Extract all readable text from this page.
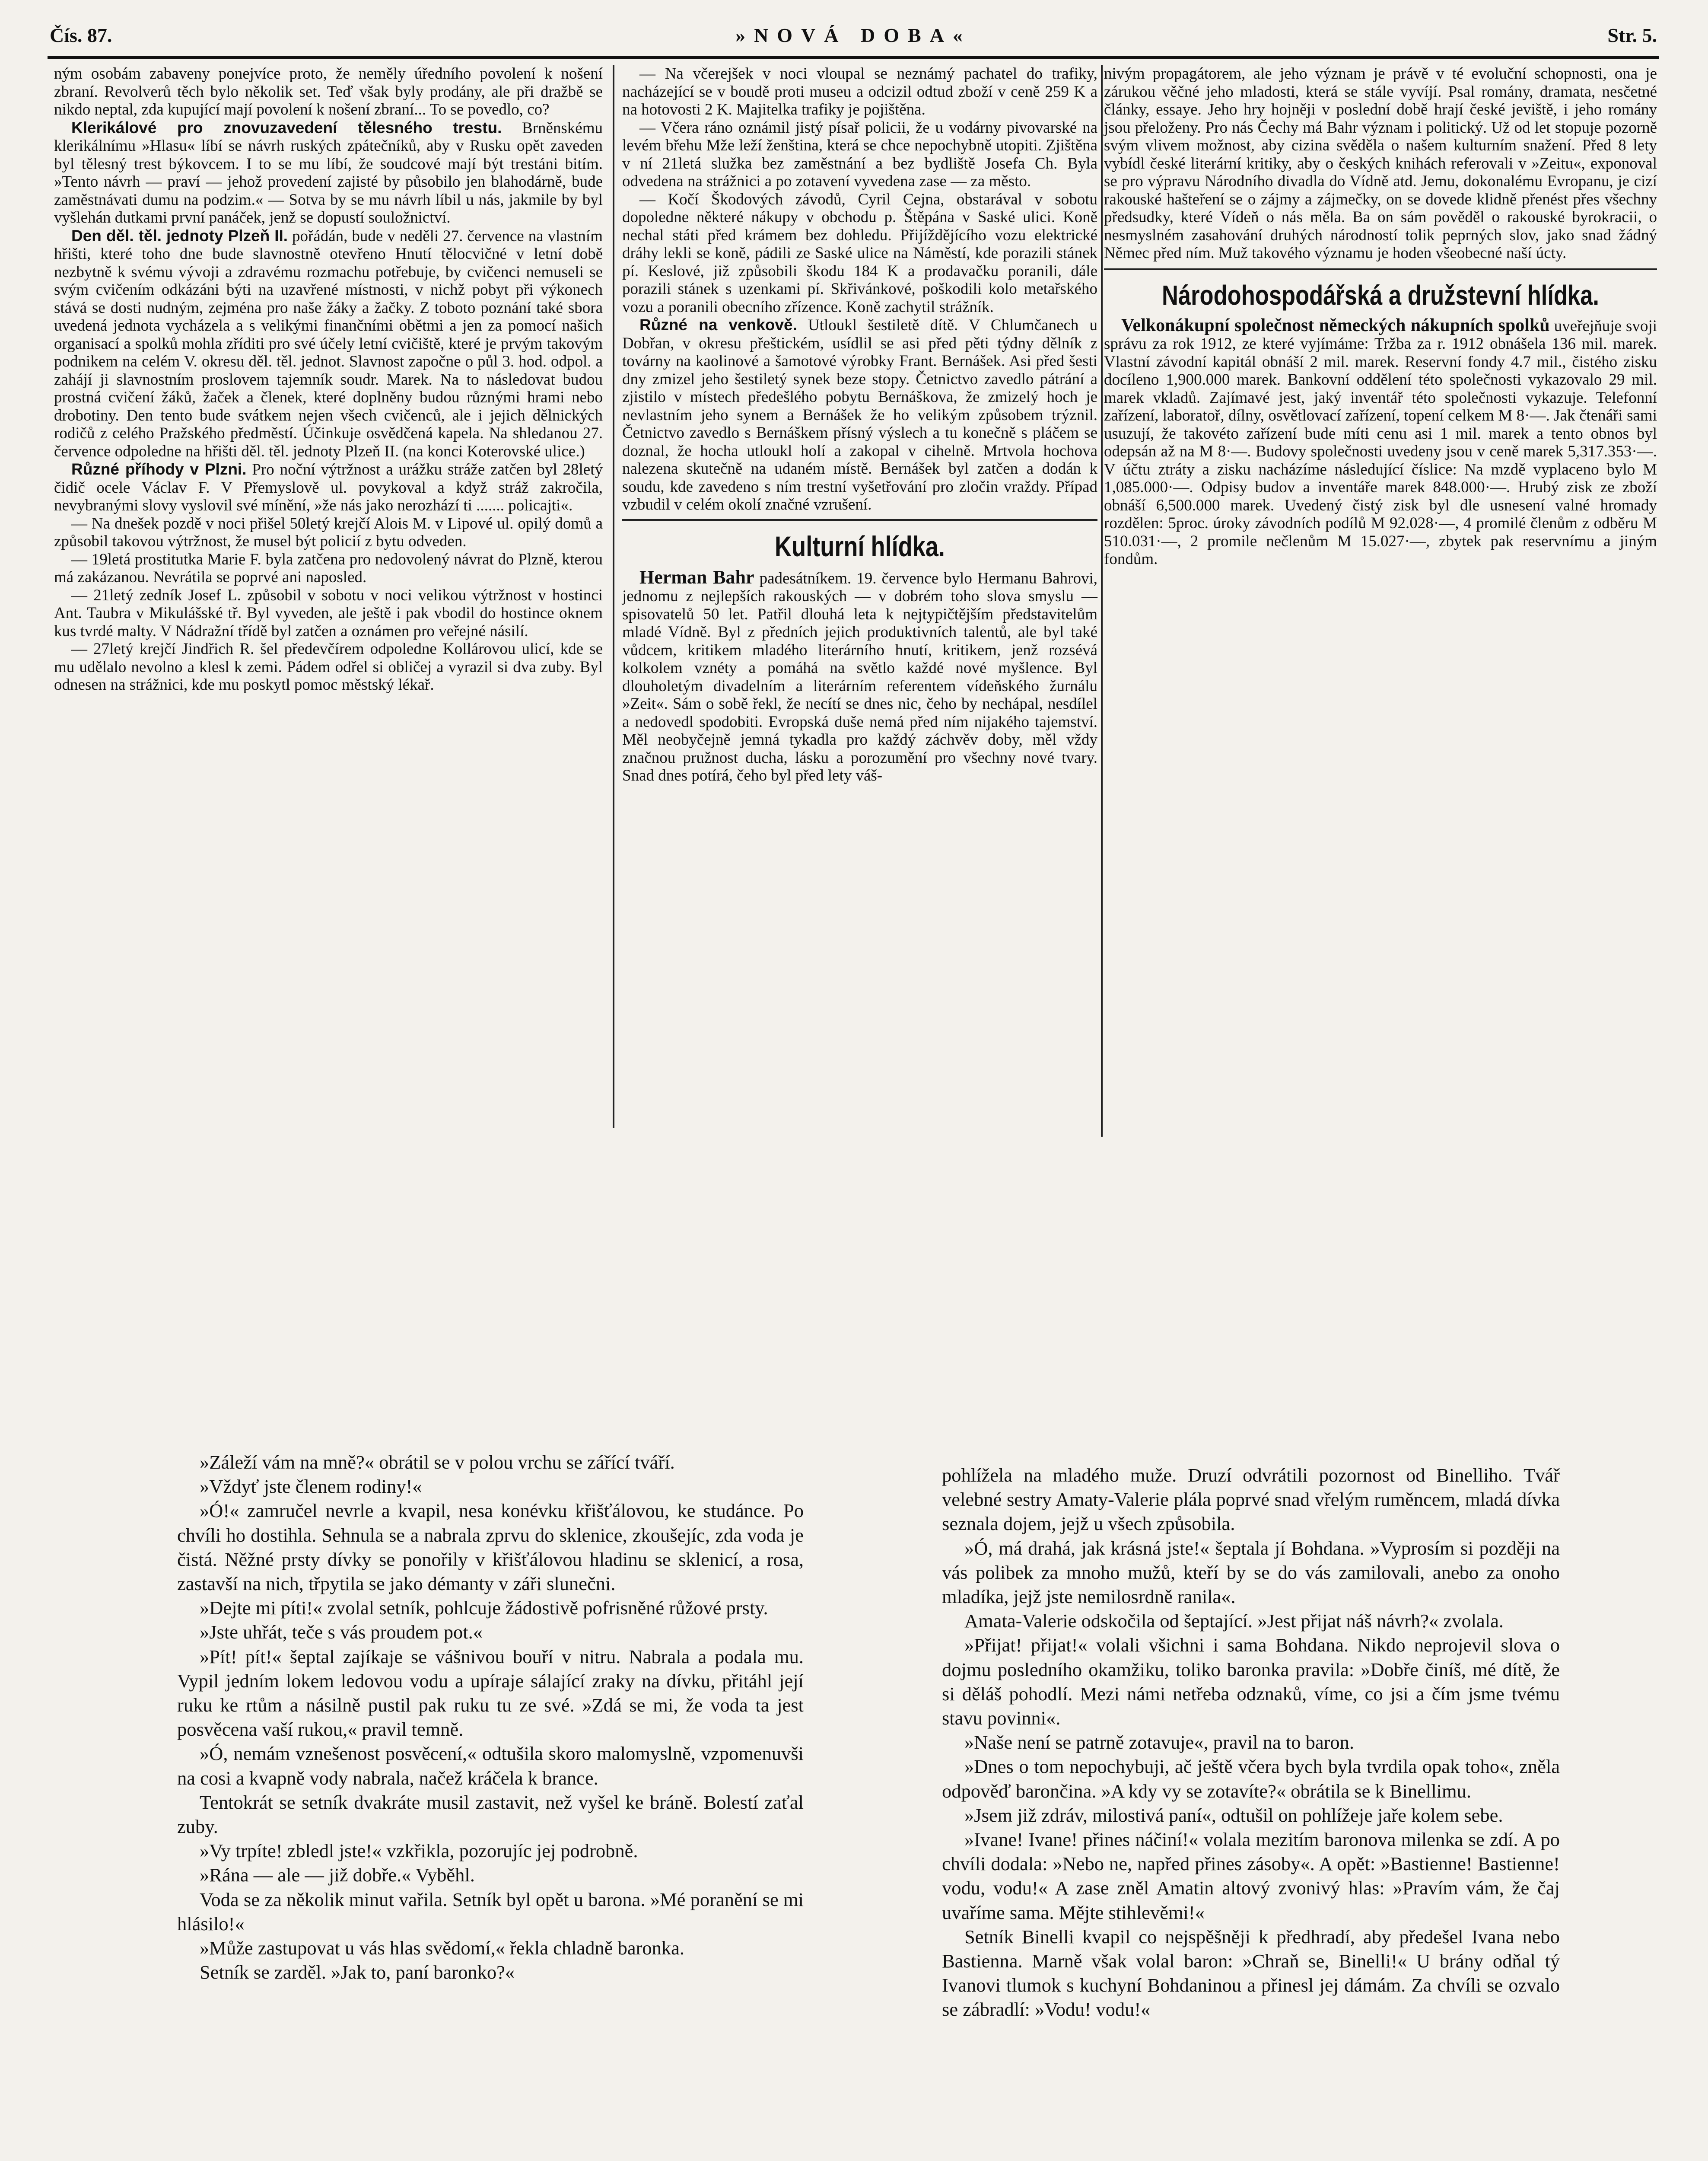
Čís. 87.	»NOVÁ DOBA«	Str. 5.

ným osobám zabaveny ponejvíce proto, že neměly úředního povolení k nošení zbraní. Revolverů těch bylo několik set. Teď však byly prodány, ale při dražbě se nikdo neptal, zda kupující mají povolení k nošení zbraní... To se povedlo, co?

Klerikálové pro znovuzavedení tělesného trestu. Brněnskému klerikálnímu »Hlasu« líbí se návrh ruských zpátečníků, aby v Rusku opět zaveden byl tělesný trest býkovcem. I to se mu líbí, že soudcové mají být trestáni bitím. »Tento návrh — praví — jehož provedení zajisté by působilo jen blahodárně, bude zaměstnávati dumu na podzim.« — Sotva by se mu návrh líbil u nás, jakmile by byl vyšlehán dutkami první panáček, jenž se dopustí souložnictví.

Den děl. těl. jednoty Plzeň II. pořádán, bude v neděli 27. července na vlastním hřišti, které toho dne bude slavnostně otevřeno Hnutí tělocvičné v letní době nezbytně k svému vývoji a zdravému rozmachu potřebuje, by cvičenci nemuseli se svým cvičením odkázáni býti na uzavřené místnosti, v nichž pobyt při výkonech stává se dosti nudným, zejména pro naše žáky a žačky. Z toboto poznání také sbora uvedená jednota vycházela a s velikými finančními obětmi a jen za pomocí našich organisací a spolků mohla zříditi pro své účely letní cvičiště, které je prvým takovým podnikem na celém V. okresu děl. těl. jednot. Slavnost započne o půl 3. hod. odpol. a zahájí ji slavnostním proslovem tajemník soudr. Marek. Na to následovat budou prostná cvičení žáků, žaček a členek, které doplněny budou různými hrami nebo drobotiny. Den tento bude svátkem nejen všech cvičenců, ale i jejich dělnických rodičů z celého Pražského předměstí. Účinkuje osvědčená kapela. Na shledanou 27. července odpoledne na hřišti děl. těl. jednoty Plzeň II. (na konci Koterovské ulice.)

Různé příhody v Plzni. Pro noční výtržnost a urážku stráže zatčen byl 28letý čidič ocele Václav F. V Přemyslově ul. povykoval a když stráž zakročila, nevybranými slovy vyslovil své mínění, »že nás jako nerozhází ti ....... policajti«.

— Na dnešek pozdě v noci přišel 50letý krejčí Alois M. v Lipové ul. opilý domů a způsobil takovou výtržnost, že musel být policií z bytu odveden.

— 19letá prostitutka Marie F. byla zatčena pro nedovolený návrat do Plzně, kterou má zakázanou. Nevrátila se poprvé ani naposled.

— 21letý zedník Josef L. způsobil v sobotu v noci velikou výtržnost v hostinci Ant. Taubra v Mikulášské tř. Byl vyveden, ale ještě i pak vbodil do hostince oknem kus tvrdé malty. V Nádražní třídě byl zatčen a oznámen pro veřejné násilí.

— 27letý krejčí Jindřich R. šel předevčírem odpoledne Kollárovou ulicí, kde se mu udělalo nevolno a klesl k zemi. Pádem odřel si obličej a vyrazil si dva zuby. Byl odnesen na strážnici, kde mu poskytl pomoc městský lékař.

— Na včerejšek v noci vloupal se neznámý pachatel do trafiky, nacházející se v boudě proti museu a odcizil odtud zboží v ceně 259 K a na hotovosti 2 K. Majitelka trafiky je pojištěna.

— Včera ráno oznámil jistý písař policii, že u vodárny pivovarské na levém břehu Mže leží ženština, která se chce nepochybně utopiti. Zjištěna v ní 21letá služka bez zaměstnání a bez bydliště Josefa Ch. Byla odvedena na strážnici a po zotavení vyvedena zase — za město.

— Kočí Škodových závodů, Cyril Cejna, obstarával v sobotu dopoledne některé nákupy v obchodu p. Štěpána v Saské ulici. Koně nechal státi před krámem bez dohledu. Přijíždějícího vozu elektrické dráhy lekli se koně, pádili ze Saské ulice na Náměstí, kde porazili stánek pí. Keslové, již způsobili škodu 184 K a prodavačku poranili, dále porazili stánek s uzenkami pí. Skřivánkové, poškodili kolo metařského vozu a poranili obecního zřízence. Koně zachytil strážník.

Různé na venkově. Utloukl šestiletě dítě. V Chlumčanech u Dobřan, v okresu přeštickém, usídlil se asi před pěti týdny dělník z továrny na kaolinové a šamotové výrobky Frant. Bernášek. Asi před šesti dny zmizel jeho šestiletý synek beze stopy. Četnictvo zavedlo pátrání a zjistilo v místech předešlého pobytu Bernáškova, že zmizelý hoch je nevlastním jeho synem a Bernášek že ho velikým způsobem trýznil. Četnictvo zavedlo s Bernáškem přísný výslech a tu konečně s pláčem se doznal, že hocha utloukl holí a zakopal v cihelně. Mrtvola hochova nalezena skutečně na udaném místě. Bernášek byl zatčen a dodán k soudu, kde zavedeno s ním trestní vyšetřování pro zločin vraždy. Případ vzbudil v celém okolí značné vzrušení.

Kulturní hlídka.

Herman Bahr padesátníkem. 19. července bylo Hermanu Bahrovi, jednomu z nejlepších rakouských — v dobrém toho slova smyslu — spisovatelů 50 let. Patřil dlouhá leta k nejtypičtějším představitelům mladé Vídně. Byl z předních jejich produktivních talentů, ale byl také vůdcem, kritikem mladého literárního hnutí, kritikem, jenž rozsévá kolkolem vznéty a pomáhá na světlo každé nové myšlence. Byl dlouholetým divadelním a literárním referentem vídeňského žurnálu »Zeit«. Sám o sobě řekl, že necítí se dnes nic, čeho by nechápal, nesdílel a nedovedl spodobiti. Evropská duše nemá před ním nijakého tajemství. Měl neobyčejně jemná tykadla pro každý záchvěv doby, měl vždy značnou pružnost ducha, lásku a porozumění pro všechny nové tvary. Snad dnes potírá, čeho byl před lety váš-

nivým propagátorem, ale jeho význam je právě v té evoluční schopnosti, ona je zárukou věčné jeho mladosti, která se stále vyvíjí. Psal romány, dramata, nesčetné články, essaye. Jeho hry hojněji v poslední době hrají české jeviště, i jeho romány jsou přeloženy. Pro nás Čechy má Bahr význam i politický. Už od let stopuje pozorně svým vlivem možnost, aby cizina svěděla o našem kulturním snažení. Před 8 lety vybídl české literární kritiky, aby o českých knihách referovali v »Zeitu«, exponoval se pro výpravu Národního divadla do Vídně atd. Jemu, dokonalému Evropanu, je cizí rakouské hašteření se o zájmy a zájmečky, on se dovede klidně přenést přes všechny předsudky, které Vídeň o nás měla. Ba on sám pověděl o rakouské byrokracii, o nesmyslném zasahování druhých národností tolik peprných slov, jako snad žádný Němec před ním. Muž takového významu je hoden všeobecné naší úcty.

Národohospodářská a družstevní hlídka.

Velkonákupní společnost německých nákupních spolků uveřejňuje svoji správu za rok 1912, ze které vyjímáme: Tržba za r. 1912 obnášela 136 mil. marek. Vlastní závodní kapitál obnáší 2 mil. marek. Reservní fondy 4.7 mil., čistého zisku docíleno 1,900.000 marek. Bankovní oddělení této společnosti vykazovalo 29 mil. marek vkladů. Zajímavé jest, jaký inventář této společnosti vykazuje. Telefonní zařízení, laboratoř, dílny, osvětlovací zařízení, topení celkem M 8·—. Jak čtenáři sami usuzují, že takovéto zařízení bude míti cenu asi 1 mil. marek a tento obnos byl odepsán až na M 8·—. Budovy společnosti uvedeny jsou v ceně marek 5,317.353·—. V účtu ztráty a zisku nacházíme následující číslice: Na mzdě vyplaceno bylo M 1,085.000·—. Odpisy budov a inventáře marek 848.000·—. Hrubý zisk ze zboží obnáší 6,500.000 marek. Uvedený čistý zisk byl dle usnesení valné hromady rozdělen: 5proc. úroky závodních podílů M 92.028·—, 4 promilé členům z odběru M 510.031·—, 2 promile nečlenům M 15.027·—, zbytek pak reservnímu a jiným fondům.

»Záleží vám na mně?« obrátil se v polou vrchu se zářící tváří.

»Vždyť jste členem rodiny!«

»Ó!« zamručel nevrle a kvapil, nesa konévku křišťálovou, ke studánce. Po chvíli ho dostihla. Sehnula se a nabrala zprvu do sklenice, zkoušejíc, zda voda je čistá. Něžné prsty dívky se ponořily v křišťálovou hladinu se sklenicí, a rosa, zastavší na nich, třpytila se jako démanty v záři slunečni.

»Dejte mi píti!« zvolal setník, pohlcuje žádostivě pofrisněné růžové prsty.

»Jste uhřát, teče s vás proudem pot.«

»Pít! pít!« šeptal zajíkaje se vášnivou bouří v nitru. Nabrala a podala mu. Vypil jedním lokem ledovou vodu a upíraje sálající zraky na dívku, přitáhl její ruku ke rtům a násilně pustil pak ruku tu ze své. »Zdá se mi, že voda ta jest posvěcena vaší rukou,« pravil temně.

»Ó, nemám vznešenost posvěcení,« odtušila skoro malomyslně, vzpomenuvši na cosi a kvapně vody nabrala, načež kráčela k brance.

Tentokrát se setník dvakráte musil zastavit, než vyšel ke bráně. Bolestí zaťal zuby.

»Vy trpíte! zbledl jste!« vzkřikla, pozorujíc jej podrobně.

»Rána — ale — již dobře.« Vyběhl.

Voda se za několik minut vařila. Setník byl opět u barona. »Mé poranění se mi hlásilo!«

»Může zastupovat u vás hlas svědomí,« řekla chladně baronka.

Setník se zarděl. »Jak to, paní baronko?«

pohlížela na mladého muže. Druzí odvrátili pozornost od Binelliho. Tvář velebné sestry Amaty-Valerie plála poprvé snad vřelým ruměncem, mladá dívka seznala dojem, jejž u všech způsobila.

»Ó, má drahá, jak krásná jste!« šeptala jí Bohdana. »Vyprosím si později na vás polibek za mnoho mužů, kteří by se do vás zamilovali, anebo za onoho mladíka, jejž jste nemilosrdně ranila«.

Amata-Valerie odskočila od šeptající. »Jest přijat náš návrh?« zvolala.

»Přijat! přijat!« volali všichni i sama Bohdana. Nikdo neprojevil slova o dojmu posledního okamžiku, toliko baronka pravila: »Dobře činíš, mé dítě, že si děláš pohodlí. Mezi námi netřeba odznaků, víme, co jsi a čím jsme tvému stavu povinni«.

»Naše není se patrně zotavuje«, pravil na to baron.

»Dnes o tom nepochybuji, ač ještě včera bych byla tvrdila opak toho«, zněla odpověď barončina. »A kdy vy se zotavíte?« obrátila se k Binellimu.

»Jsem již zdráv, milostivá paní«, odtušil on pohlížeje jaře kolem sebe.

»Ivane! Ivane! přines náčiní!« volala mezitím baronova milenka se zdí. A po chvíli dodala: »Nebo ne, napřed přines zásoby«. A opět: »Bastienne! Bastienne! vodu, vodu!« A zase zněl Amatin altový zvonivý hlas: »Pravím vám, že čaj uvaříme sama. Mějte stihlevěmi!«

Setník Binelli kvapil co nejspěšněji k předhradí, aby předešel Ivana nebo Bastienna. Marně však volal baron: »Chraň se, Binelli!« U brány odňal tý Ivanovi tlumok s kuchyní Bohdaninou a přinesl jej dámám. Za chvíli se ozvalo se zábradlí: »Vodu! vodu!«
